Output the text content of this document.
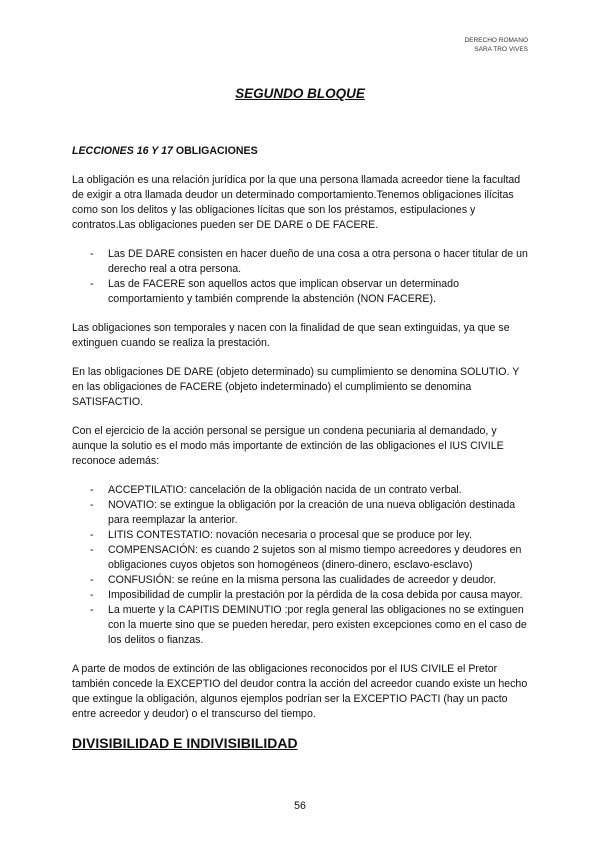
DERECHO ROMANO
SARA TRO VIVES
SEGUNDO BLOQUE
LECCIONES 16 Y 17 OBLIGACIONES

La obligación es una relación jurídica por la que una persona llamada acreedor tiene la facultad de exigir a otra llamada deudor un determinado comportamiento.Tenemos obligaciones ilícitas como son los delitos y las obligaciones lícitas que son los préstamos, estipulaciones y contratos.Las obligaciones pueden ser DE DARE o DE FACERE.

- Las DE DARE consisten en hacer dueño de una cosa a otra persona o hacer titular de un derecho real a otra persona.
- Las de FACERE son aquellos actos que implican observar un determinado comportamiento y también comprende la abstención (NON FACERE).

Las obligaciones son temporales y nacen con la finalidad de que sean extinguidas, ya que se extinguen cuando se realiza la prestación.

En las obligaciones DE DARE (objeto determinado) su cumplimiento se denomina SOLUTIO. Y en las obligaciones de FACERE (objeto indeterminado) el cumplimiento se denomina SATISFACTIO.

Con el ejercicio de la acción personal se persigue un condena pecuniaria al demandado, y aunque la solutio es el modo más importante de extinción de las obligaciones el IUS CIVILE reconoce además:

- ACCEPTILATIO: cancelación de la obligación nacida de un contrato verbal.
- NOVATIO: se extingue la obligación por la creación de una nueva obligación destinada para reemplazar la anterior.
- LITIS CONTESTATIO: novación necesaria o procesal que se produce por ley.
- COMPENSACIÓN: es cuando 2 sujetos son al mismo tiempo acreedores y deudores en obligaciones cuyos objetos son homogéneos (dinero-dinero, esclavo-esclavo)
- CONFUSIÓN: se reúne en la misma persona las cualidades de acreedor y deudor.
- Imposibilidad de cumplir la prestación por la pérdida de la cosa debida por causa mayor.
- La muerte y la CAPITIS DEMINUTIO :por regla general las obligaciones no se extinguen con la muerte sino que se pueden heredar, pero existen excepciones como en el caso de los delitos o fianzas.

A parte de modos de extinción de las obligaciones reconocidos por el IUS CIVILE el Pretor también concede la EXCEPTIO del deudor contra la acción del acreedor cuando existe un hecho que extingue la obligación, algunos ejemplos podrían ser la EXCEPTIO PACTI (hay un pacto entre acreedor y deudor) o el transcurso del tiempo.

DIVISIBILIDAD E INDIVISIBILIDAD
56
